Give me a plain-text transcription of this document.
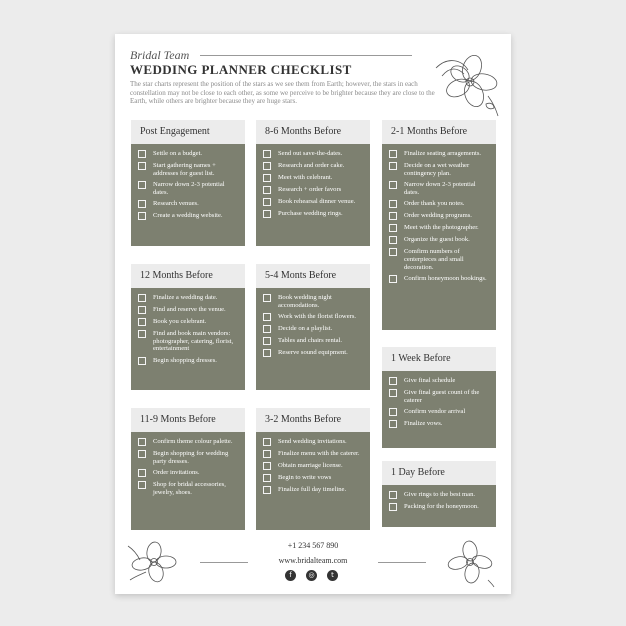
Bridal Team
WEDDING PLANNER CHECKLIST
The star charts represent the position of the stars as we see them from Earth; however, the stars in each constellation may not be close to each other, as some we perceive to be brighter because they are close to the Earth, while others are brighter because they are huge stars.
Post Engagement
Settle on a budget.
Start gathering names + addresses for guest list.
Narrow down 2-3 potential dates.
Research venues.
Create a wedding website.
12 Months Before
Finalize a wedding date.
Find and reserve the venue.
Book you celebrant.
Find and book main vendors: photographer, catering, florist, entertainment
Begin shopping dresses.
11-9 Monts Before
Confirm theme colour palette.
Begin shopping for wedding party dresses.
Order invitations.
Shop for bridal accessories, jewelry, shoes.
8-6 Months Before
Send out save-the-dates.
Research and order cake.
Meet with celebrant.
Research + order favors
Book rehearsal dinner venue.
Purchase wedding rings.
5-4 Monts Before
Book wedding night accomodations.
Work with the florist flowers.
Decide on a playlist.
Tables and chairs rental.
Reserve sound equipment.
3-2 Months Before
Send wedding invitations.
Finalize menu with the caterer.
Obtain marriage license.
Begin to write vows
Finalize full day timeline.
2-1 Months Before
Finalize seating arragements.
Decide on a wet weather contingency plan.
Narrow down 2-3 potential dates.
Order thank you notes.
Order wedding programs.
Meet with the photographer.
Organize the guest book.
Comfirm numbers of centerpieces and small decoration.
Confirm honeymoon bookings.
1 Week Before
Give final schedule
Give final guest count of the caterer
Confirm vendor arrival
Finalize vows.
1 Day Before
Give rings to the best man.
Packing for the honeymoon.
+1 234 567 890
www.bridalteam.com
f	◎	t
